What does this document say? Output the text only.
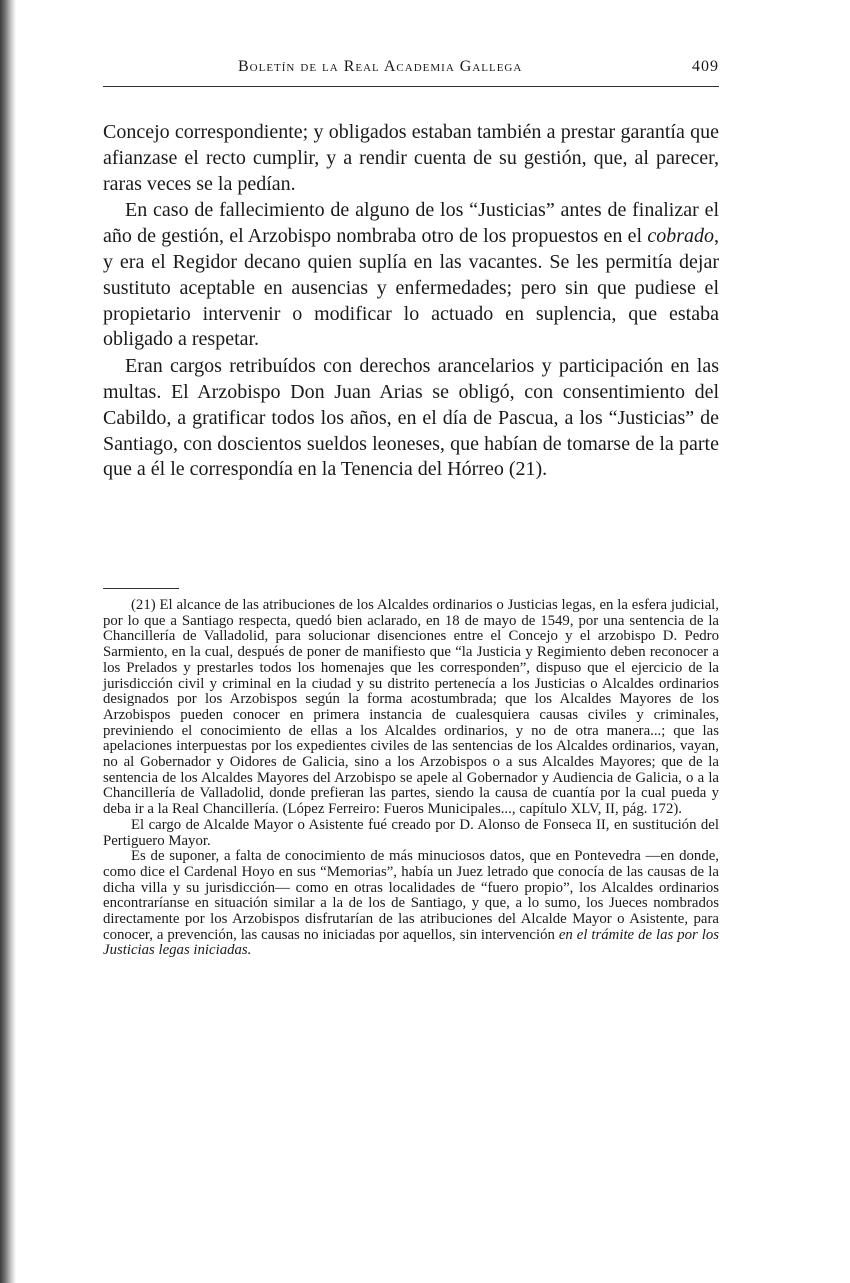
Boletín de la Real Academia Gallega	409

Concejo correspondiente; y obligados estaban también a prestar garantía que afianzase el recto cumplir, y a rendir cuenta de su gestión, que, al parecer, raras veces se la pedían.

En caso de fallecimiento de alguno de los “Justicias” antes de finalizar el año de gestión, el Arzobispo nombraba otro de los propuestos en el cobrado, y era el Regidor decano quien suplía en las vacantes. Se les permitía dejar sustituto aceptable en ausencias y enfermedades; pero sin que pudiese el propietario intervenir o modificar lo actuado en suplencia, que estaba obligado a respetar.

Eran cargos retribuídos con derechos arancelarios y participación en las multas. El Arzobispo Don Juan Arias se obligó, con consentimiento del Cabildo, a gratificar todos los años, en el día de Pascua, a los “Justicias” de Santiago, con doscientos sueldos leoneses, que habían de tomarse de la parte que a él le correspondía en la Tenencia del Hórreo (21).

(21) El alcance de las atribuciones de los Alcaldes ordinarios o Justicias legas, en la esfera judicial, por lo que a Santiago respecta, quedó bien aclarado, en 18 de mayo de 1549, por una sentencia de la Chancillería de Valladolid, para solucionar disenciones entre el Concejo y el arzobispo D. Pedro Sarmiento, en la cual, después de poner de manifiesto que “la Justicia y Regimiento deben reconocer a los Prelados y prestarles todos los homenajes que les corresponden”, dispuso que el ejercicio de la jurisdicción civil y criminal en la ciudad y su distrito pertenecía a los Justicias o Alcaldes ordinarios designados por los Arzobispos según la forma acostumbrada; que los Alcaldes Mayores de los Arzobispos pueden conocer en primera instancia de cualesquiera causas civiles y criminales, previniendo el conocimiento de ellas a los Alcaldes ordinarios, y no de otra manera...; que las apelaciones interpuestas por los expedientes civiles de las sentencias de los Alcaldes ordinarios, vayan, no al Gobernador y Oidores de Galicia, sino a los Arzobispos o a sus Alcaldes Mayores; que de la sentencia de los Alcaldes Mayores del Arzobispo se apele al Gobernador y Audiencia de Galicia, o a la Chancillería de Valladolid, donde prefieran las partes, siendo la causa de cuantía por la cual pueda y deba ir a la Real Chancillería. (López Ferreiro: Fueros Municipales..., capítulo XLV, II, pág. 172).

El cargo de Alcalde Mayor o Asistente fué creado por D. Alonso de Fonseca II, en sustitución del Pertiguero Mayor.

Es de suponer, a falta de conocimiento de más minuciosos datos, que en Pontevedra —en donde, como dice el Cardenal Hoyo en sus “Memorias”, había un Juez letrado que conocía de las causas de la dicha villa y su jurisdicción— como en otras localidades de “fuero propio”, los Alcaldes ordinarios encontraríanse en situación similar a la de los de Santiago, y que, a lo sumo, los Jueces nombrados directamente por los Arzobispos disfrutarían de las atribuciones del Alcalde Mayor o Asistente, para conocer, a prevención, las causas no iniciadas por aquellos, sin intervención en el trámite de las por los Justicias legas iniciadas.
